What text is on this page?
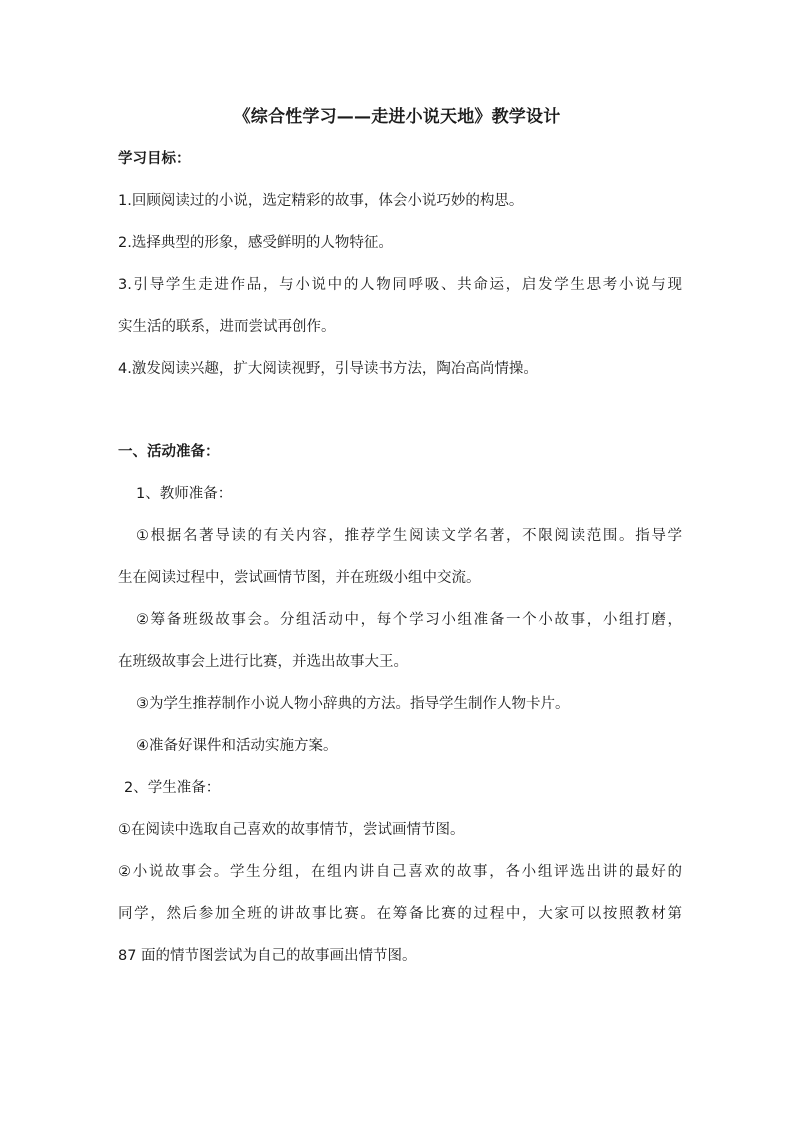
《综合性学习——走进小说天地》教学设计
学习目标：
1.回顾阅读过的小说，选定精彩的故事，体会小说巧妙的构思。
2.选择典型的形象，感受鲜明的人物特征。
3.引导学生走进作品，与小说中的人物同呼吸、共命运，启发学生思考小说与现
实生活的联系，进而尝试再创作。
4.激发阅读兴趣，扩大阅读视野，引导读书方法，陶冶高尚情操。
一、活动准备：
1、教师准备：
①根据名著导读的有关内容，推荐学生阅读文学名著，不限阅读范围。指导学
生在阅读过程中，尝试画情节图，并在班级小组中交流。
②筹备班级故事会。分组活动中，每个学习小组准备一个小故事，小组打磨，
在班级故事会上进行比赛，并选出故事大王。
③为学生推荐制作小说人物小辞典的方法。指导学生制作人物卡片。
④准备好课件和活动实施方案。
2、学生准备：
①在阅读中选取自己喜欢的故事情节，尝试画情节图。
②小说故事会。学生分组，在组内讲自己喜欢的故事，各小组评选出讲的最好的
同学，然后参加全班的讲故事比赛。在筹备比赛的过程中，大家可以按照教材第
87 面的情节图尝试为自己的故事画出情节图。
